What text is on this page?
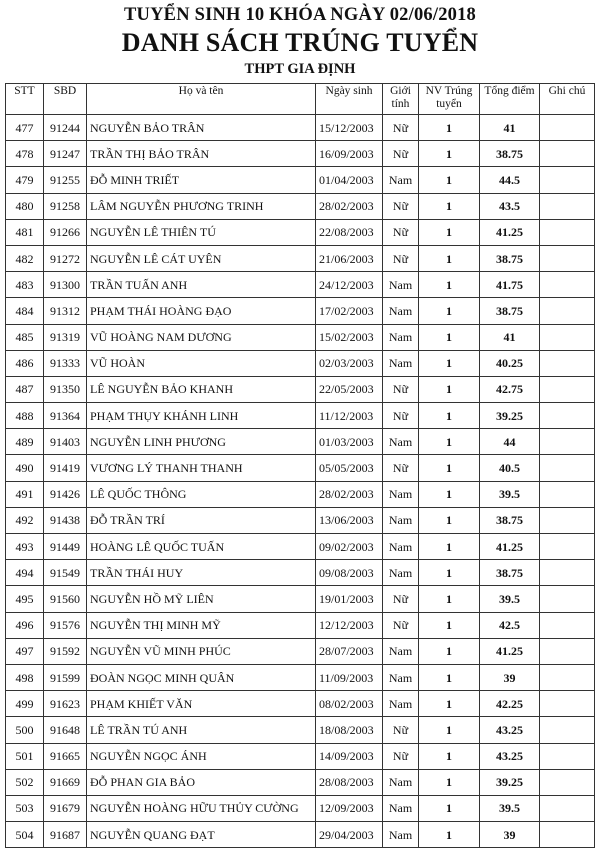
TUYỂN SINH 10 KHÓA NGÀY 02/06/2018
DANH SÁCH TRÚNG TUYỂN
THPT GIA ĐỊNH
STT	SBD	Họ và tên	Ngày sinh	Giới tính	NV Trúng tuyển	Tổng điểm	Ghi chú
477	91244	NGUYỄN BẢO TRÂN	15/12/2003	Nữ	1	41	
478	91247	TRẦN THỊ BẢO TRÂN	16/09/2003	Nữ	1	38.75	
479	91255	ĐỖ MINH TRIẾT	01/04/2003	Nam	1	44.5	
480	91258	LÂM NGUYỄN PHƯƠNG TRINH	28/02/2003	Nữ	1	43.5	
481	91266	NGUYỄN LÊ THIÊN TÚ	22/08/2003	Nữ	1	41.25	
482	91272	NGUYỄN LÊ CÁT UYÊN	21/06/2003	Nữ	1	38.75	
483	91300	TRẦN TUẤN ANH	24/12/2003	Nam	1	41.75	
484	91312	PHẠM THÁI HOÀNG ĐẠO	17/02/2003	Nam	1	38.75	
485	91319	VŨ HOÀNG NAM DƯƠNG	15/02/2003	Nam	1	41	
486	91333	VŨ HOÀN	02/03/2003	Nam	1	40.25	
487	91350	LÊ NGUYỄN BẢO KHANH	22/05/2003	Nữ	1	42.75	
488	91364	PHẠM THỤY KHÁNH LINH	11/12/2003	Nữ	1	39.25	
489	91403	NGUYỄN LINH PHƯƠNG	01/03/2003	Nam	1	44	
490	91419	VƯƠNG LÝ THANH THANH	05/05/2003	Nữ	1	40.5	
491	91426	LÊ QUỐC THÔNG	28/02/2003	Nam	1	39.5	
492	91438	ĐỖ TRẦN TRÍ	13/06/2003	Nam	1	38.75	
493	91449	HOÀNG LÊ QUỐC TUẤN	09/02/2003	Nam	1	41.25	
494	91549	TRẦN THÁI HUY	09/08/2003	Nam	1	38.75	
495	91560	NGUYỄN HỒ MỸ LIÊN	19/01/2003	Nữ	1	39.5	
496	91576	NGUYỄN THỊ MINH MỸ	12/12/2003	Nữ	1	42.5	
497	91592	NGUYỄN VŨ MINH PHÚC	28/07/2003	Nam	1	41.25	
498	91599	ĐOÀN NGỌC MINH QUÂN	11/09/2003	Nam	1	39	
499	91623	PHẠM KHIẾT VĂN	08/02/2003	Nam	1	42.25	
500	91648	LÊ TRẦN TÚ ANH	18/08/2003	Nữ	1	43.25	
501	91665	NGUYỄN NGỌC ÁNH	14/09/2003	Nữ	1	43.25	
502	91669	ĐỖ PHAN GIA BẢO	28/08/2003	Nam	1	39.25	
503	91679	NGUYỄN HOÀNG HỮU THỦY CƯỜNG	12/09/2003	Nam	1	39.5	
504	91687	NGUYỄN QUANG ĐẠT	29/04/2003	Nam	1	39	
